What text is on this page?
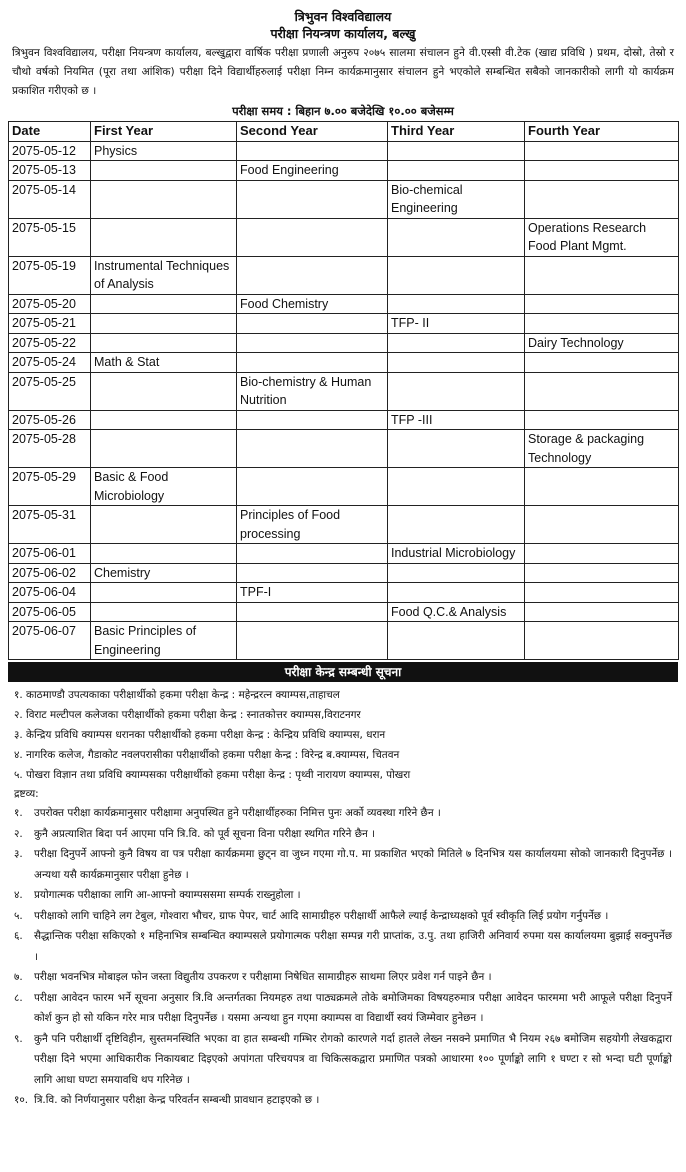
त्रिभुवन विश्वविद्यालय
परीक्षा नियन्त्रण कार्यालय, बल्खु
त्रिभुवन विश्वविद्यालय, परीक्षा नियन्त्रण कार्यालय, बल्खुद्वारा वार्षिक परीक्षा प्रणाली अनुरुप २०७५ सालमा संचालन हुने वी.एस्सी वी.टेक (खाद्य प्रविधि ) प्रथम, दोस्रो, तेस्रो र चौथो वर्षको नियमित (पूरा तथा आंशिक) परीक्षा दिने विद्यार्थीहरुलाई परीक्षा निम्न कार्यक्रमानुसार संचालन हुने भएकोले सम्बन्धित सबैको जानकारीको लागी यो कार्यक्रम प्रकाशित गरीएको छ ।
परीक्षा समय : बिहान ७.०० बजेदेखि १०.०० बजेसम्म
Date	First Year	Second Year	Third Year	Fourth Year
2075-05-12	Physics			
2075-05-13		Food Engineering		
2075-05-14			Bio-chemical Engineering	
2075-05-15				Operations Research Food Plant Mgmt.
2075-05-19	Instrumental Techniques of Analysis			
2075-05-20		Food Chemistry		
2075-05-21			TFP- II	
2075-05-22				Dairy Technology
2075-05-24	Math & Stat			
2075-05-25		Bio-chemistry & Human Nutrition		
2075-05-26			TFP -III	
2075-05-28				Storage & packaging Technology
2075-05-29	Basic & Food Microbiology			
2075-05-31		Principles of Food processing		
2075-06-01			Industrial Microbiology	
2075-06-02	Chemistry			
2075-06-04		TPF-I		
2075-06-05			Food Q.C.& Analysis	
2075-06-07	Basic Principles of Engineering			
परीक्षा केन्द्र सम्बन्धी सूचना
१. काठमाण्डौ उपत्यकाका परीक्षार्थीको हकमा परीक्षा केन्द्र : महेन्द्ररत्न क्याम्पस,ताहाचल
२. विराट मल्टीपल कलेजका परीक्षार्थीको हकमा परीक्षा केन्द्र : स्नातकोत्तर क्याम्पस,विराटनगर
३. केन्द्रिय प्रविधि क्याम्पस धरानका परीक्षार्थीको हकमा परीक्षा केन्द्र : केन्द्रिय प्रविधि क्याम्पस, धरान
४. नागरिक कलेज, गैडाकोट नवलपरासीका परीक्षार्थीको हकमा परीक्षा केन्द्र : विरेन्द्र ब.क्याम्पस, चितवन
५. पोखरा विज्ञान तथा प्रविधि क्याम्पसका परीक्षार्थीको हकमा परीक्षा केन्द्र : पृथ्वी नारायण क्याम्पस, पोखरा
द्रष्टव्य:
१.	उपरोक्त परीक्षा कार्यक्रमानुसार परीक्षामा अनुपस्थित हुने परीक्षार्थीहरुका निमित्त पुनः अर्को व्यवस्था गरिने छैन ।
२.	कुनै अप्रत्याशित बिदा पर्न आएमा पनि त्रि.वि. को पूर्व सूचना विना परीक्षा स्थगित गरिने छैन ।
३.	परीक्षा दिनुपर्ने आफ्नो कुनै विषय वा पत्र परीक्षा कार्यक्रममा छुट्न वा जुध्न गएमा गो.प. मा प्रकाशित भएको मितिले ७ दिनभित्र यस कार्यालयमा सोको जानकारी दिनुपर्नेछ । अन्यथा यसै कार्यक्रमानुसार परीक्षा हुनेछ ।
४.	प्रयोगात्मक परीक्षाका लागि आ-आफ्नो क्याम्पससमा सम्पर्क राख्नुहोला ।
५.	परीक्षाको लागि चाहिने लग टेबुल, गोश्वारा भौचर, ग्राफ पेपर, चार्ट आदि सामाग्रीहरु परीक्षार्थी आफैले ल्याई केन्द्राध्यक्षको पूर्व स्वीकृति लिई प्रयोग गर्नुपर्नेछ ।
६.	सैद्धान्तिक परीक्षा सकिएको १ महिनाभित्र सम्बन्धित क्याम्पसले प्रयोगात्मक परीक्षा सम्पन्न गरी प्राप्तांक, उ.पु. तथा हाजिरी अनिवार्य रुपमा यस कार्यालयमा बुझाई सक्नुपर्नेछ ।
७.	परीक्षा भवनभित्र मोबाइल फोन जस्ता विद्युतीय उपकरण र परीक्षामा निषेधित सामाग्रीहरु साथमा लिएर प्रवेश गर्न पाइने छैन ।
८.	परीक्षा आवेदन फारम भर्ने सूचना अनुसार त्रि.वि अन्तर्गतका नियमहरु तथा पाठ्यक्रमले तोके बमोजिमका विषयहरुमात्र परीक्षा आवेदन फारममा भरी आफूले परीक्षा दिनुपर्ने कोर्श कुन हो सो यकिन गरेर मात्र परीक्षा दिनुपर्नेछ । यसमा अन्यथा हुन गएमा क्याम्पस वा विद्यार्थी स्वयं जिम्मेवार हुनेछन ।
९.	कुनै पनि परीक्षार्थी दृष्टिविहीन, सुस्तमनस्थिति भएका वा हात सम्बन्धी गम्भिर रोगको कारणले गर्दा हातले लेख्न नसक्ने प्रमाणित भै नियम २६७ बमोजिम सहयोगी लेखकद्वारा परीक्षा दिने भएमा आधिकारीक निकायबाट दिइएको अपांगता परिचयपत्र वा चिकित्सकद्वारा प्रमाणित पत्रको आधारमा १०० पूर्णाङ्को लागि १ घण्टा र सो भन्दा घटी पूर्णाङ्को लागि आधा घण्टा समयावधि थप गरिनेछ ।
१०. त्रि.वि. को निर्णयानुसार परीक्षा केन्द्र परिवर्तन सम्बन्धी प्रावधान हटाइएको छ ।
